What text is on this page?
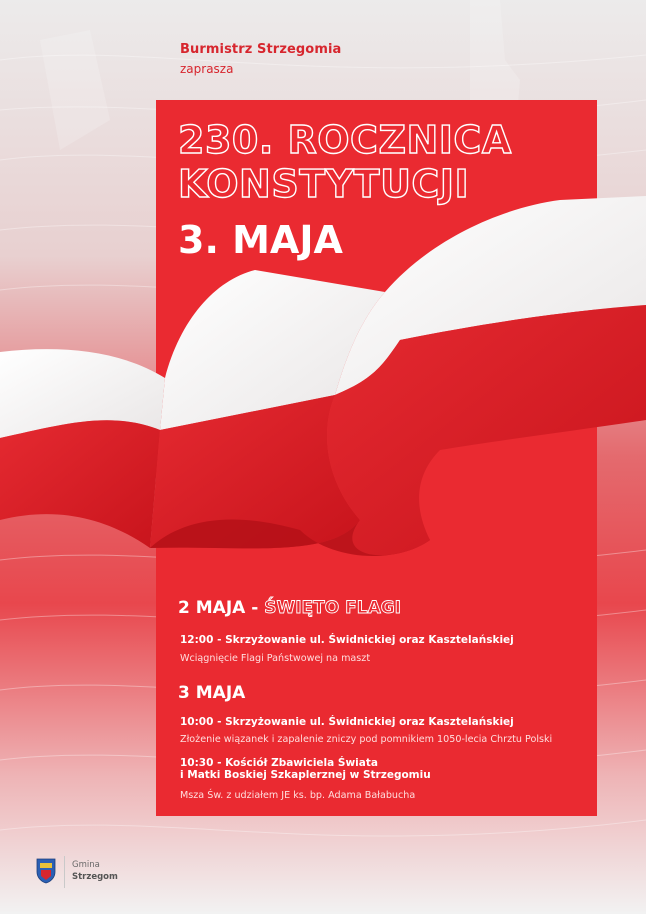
Burmistrz Strzegomia

zaprasza

230. ROCZNICA

KONSTYTUCJI

3. MAJA

2 MAJA - ŚWIĘTO FLAGI

12:00 - Skrzyżowanie ul. Świdnickiej oraz Kasztelańskiej

Wciągnięcie Flagi Państwowej na maszt

3 MAJA

10:00 - Skrzyżowanie ul. Świdnickiej oraz Kasztelańskiej

Złożenie wiązanek i zapalenie zniczy pod pomnikiem 1050-lecia Chrztu Polski

10:30 - Kościół Zbawiciela Świata

i Matki Boskiej Szkaplerznej w Strzegomiu

Msza Św. z udziałem JE ks. bp. Adama Bałabucha

Gmina

Strzegom
